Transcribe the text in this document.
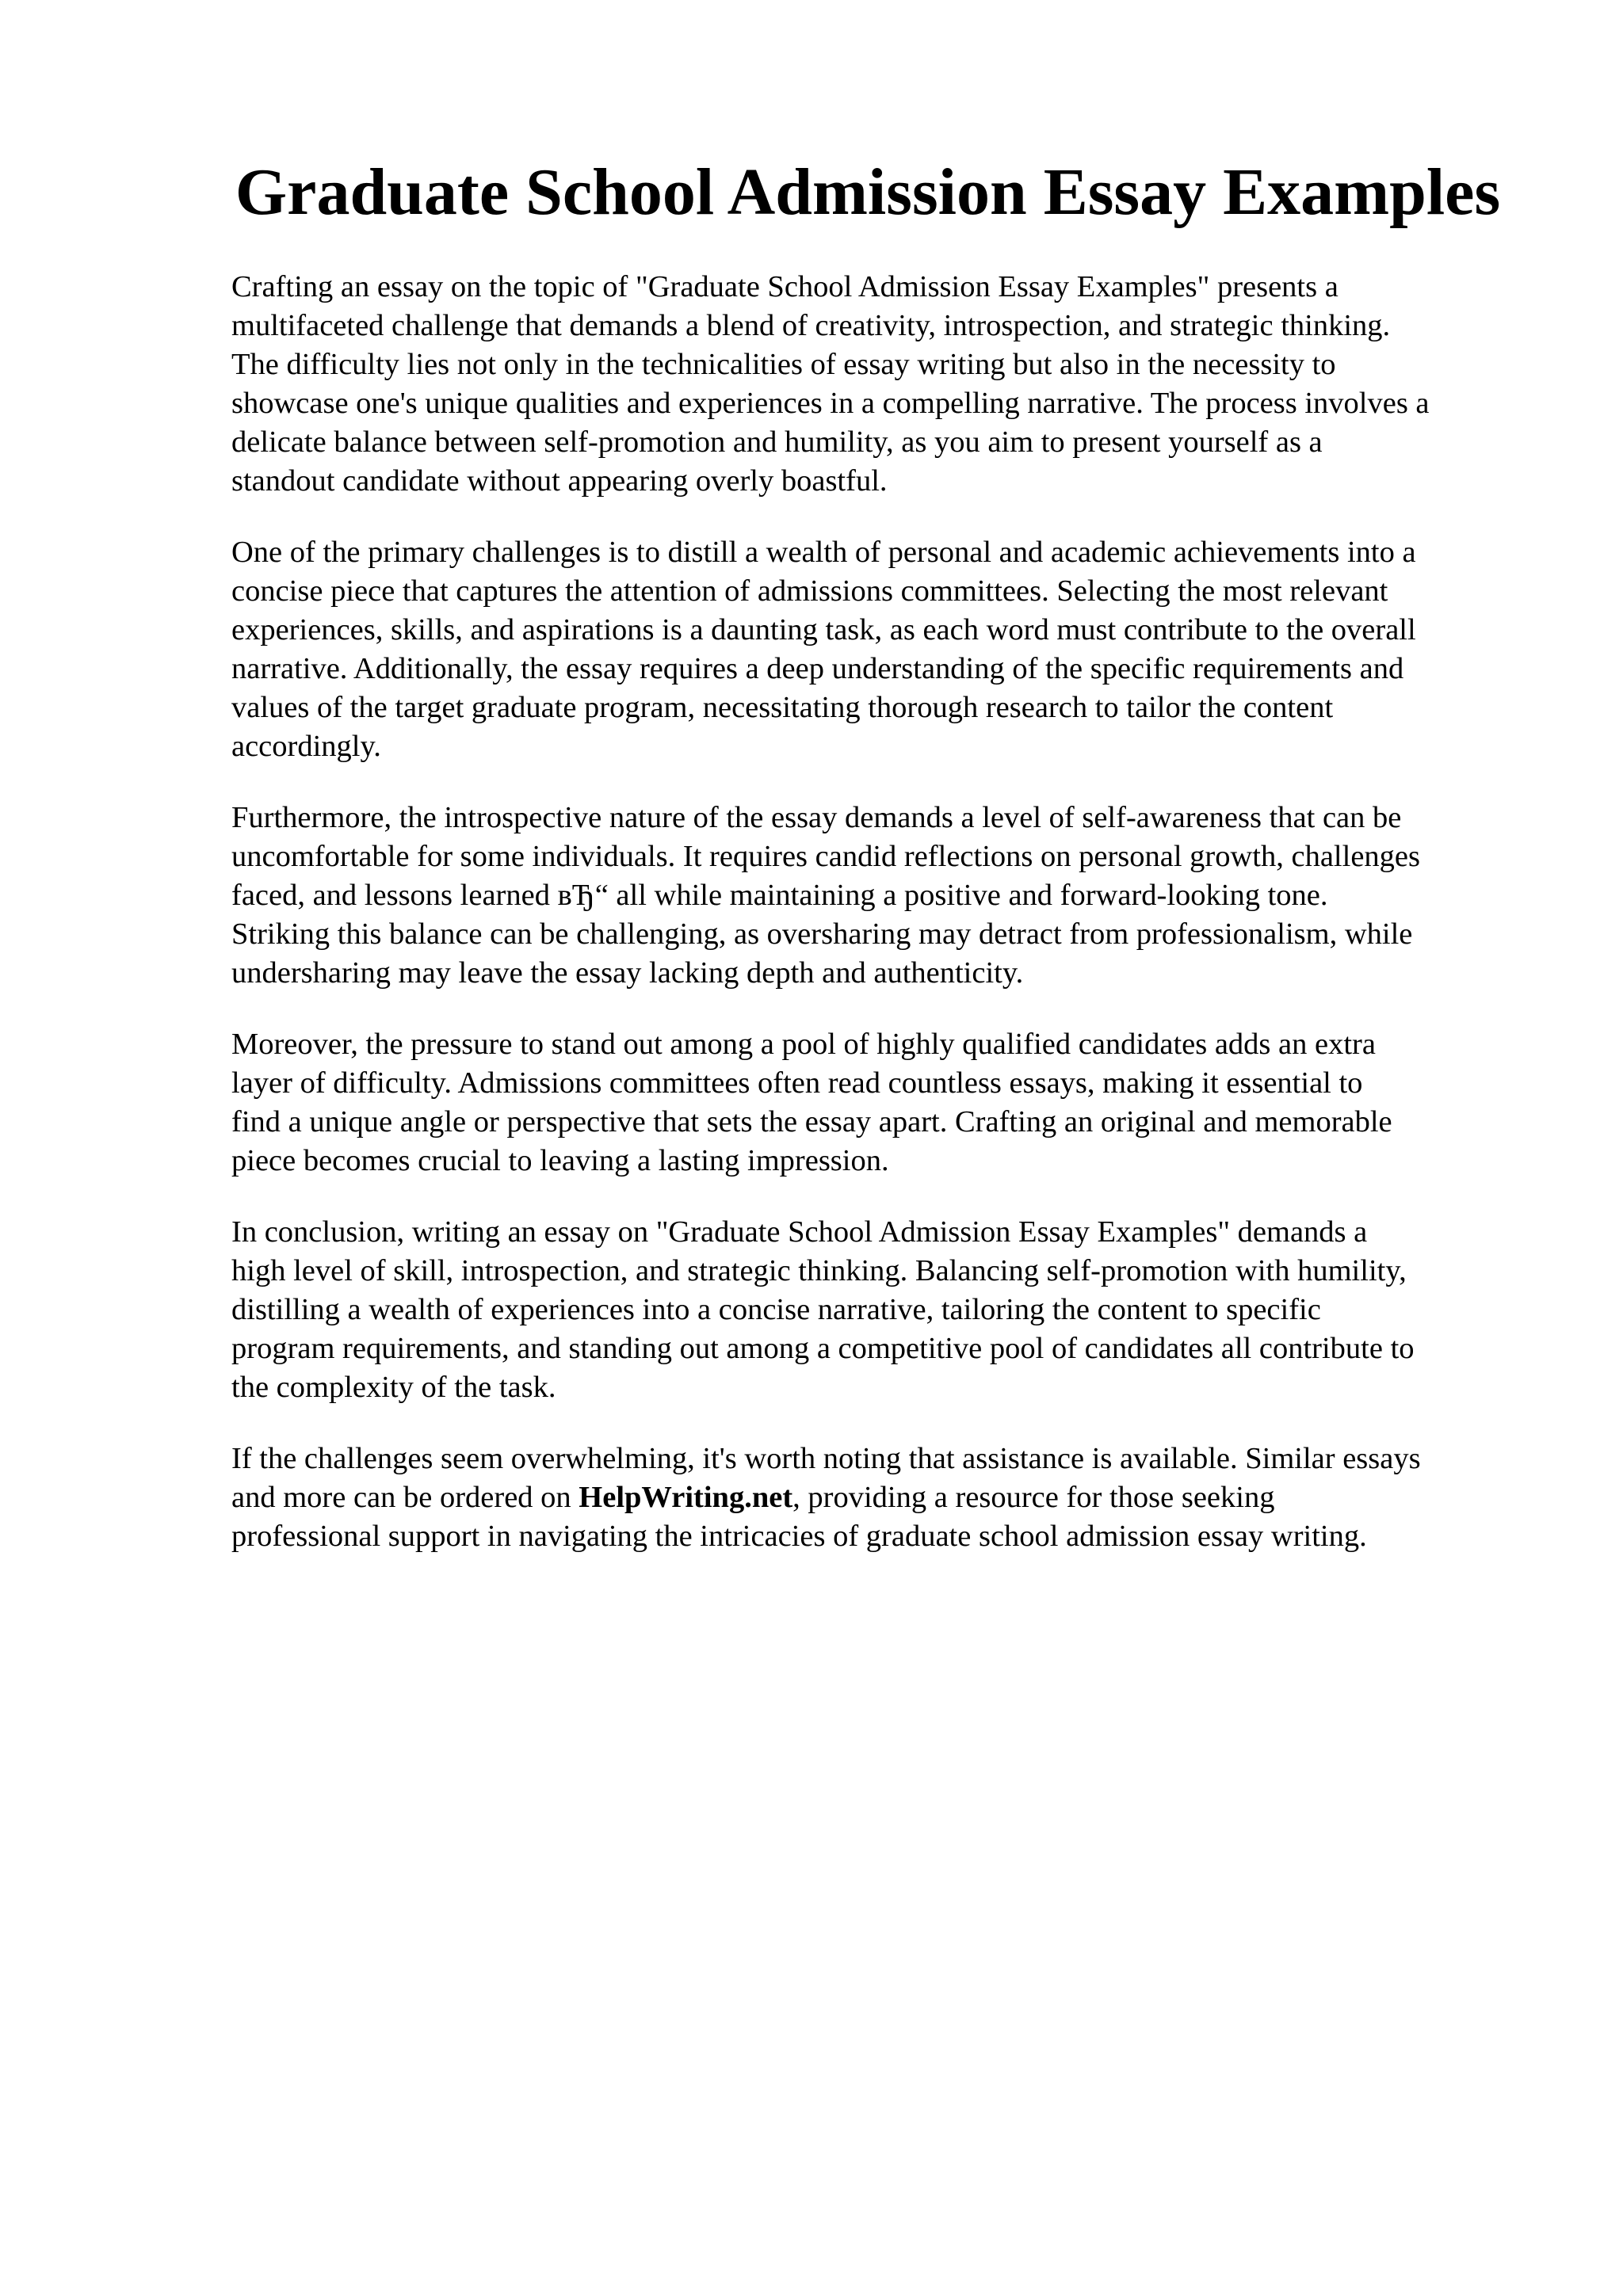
Graduate School Admission Essay Examples

Crafting an essay on the topic of "Graduate School Admission Essay Examples" presents a
multifaceted challenge that demands a blend of creativity, introspection, and strategic thinking.
The difficulty lies not only in the technicalities of essay writing but also in the necessity to
showcase one's unique qualities and experiences in a compelling narrative. The process involves a
delicate balance between self-promotion and humility, as you aim to present yourself as a
standout candidate without appearing overly boastful.

One of the primary challenges is to distill a wealth of personal and academic achievements into a
concise piece that captures the attention of admissions committees. Selecting the most relevant
experiences, skills, and aspirations is a daunting task, as each word must contribute to the overall
narrative. Additionally, the essay requires a deep understanding of the specific requirements and
values of the target graduate program, necessitating thorough research to tailor the content
accordingly.

Furthermore, the introspective nature of the essay demands a level of self-awareness that can be
uncomfortable for some individuals. It requires candid reflections on personal growth, challenges
faced, and lessons learned вЂ“ all while maintaining a positive and forward-looking tone.
Striking this balance can be challenging, as oversharing may detract from professionalism, while
undersharing may leave the essay lacking depth and authenticity.

Moreover, the pressure to stand out among a pool of highly qualified candidates adds an extra
layer of difficulty. Admissions committees often read countless essays, making it essential to
find a unique angle or perspective that sets the essay apart. Crafting an original and memorable
piece becomes crucial to leaving a lasting impression.

In conclusion, writing an essay on "Graduate School Admission Essay Examples" demands a
high level of skill, introspection, and strategic thinking. Balancing self-promotion with humility,
distilling a wealth of experiences into a concise narrative, tailoring the content to specific
program requirements, and standing out among a competitive pool of candidates all contribute to
the complexity of the task.

If the challenges seem overwhelming, it's worth noting that assistance is available. Similar essays
and more can be ordered on HelpWriting.net, providing a resource for those seeking
professional support in navigating the intricacies of graduate school admission essay writing.
